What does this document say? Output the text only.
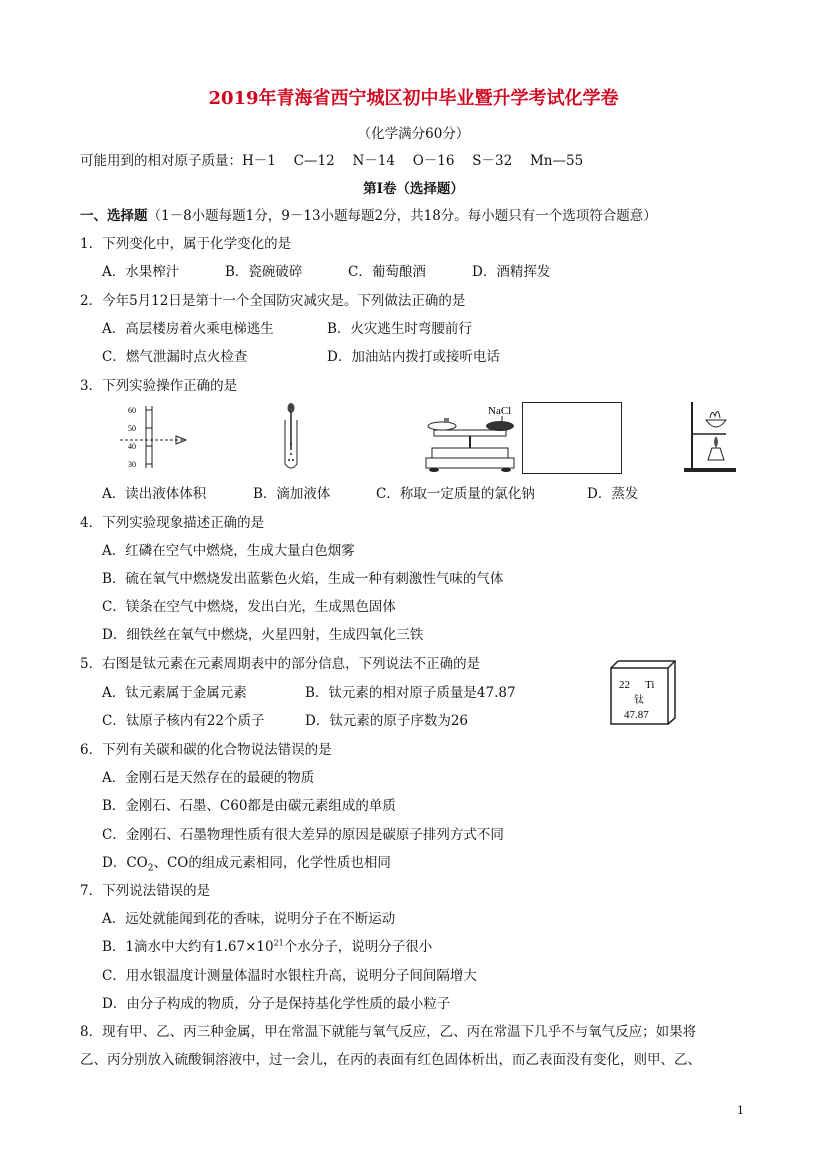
2019年青海省西宁城区初中毕业暨升学考试化学卷
（化学满分60分）
可能用到的相对原子质量：H－1　 C—12　 N－14　 O－16　 S－32　 Mn—55
第Ⅰ卷（选择题）
一、选择题（1－8小题每题1分，9－13小题每题2分，共18分。每小题只有一个选项符合题意）
1．下列变化中，属于化学变化的是
A．水果榨汁	B．瓷碗破碎	C．葡萄酿酒	D．酒精挥发
2．今年5月12日是第十一个全国防灾减灾是。下列做法正确的是
A．高层楼房着火乘电梯逃生	B．火灾逃生时弯腰前行
C．燃气泄漏时点火检查	D．加油站内拨打或接听电话
3．下列实验操作正确的是
60
50
40
30
NaCl
A．读出液体体积	B．滴加液体	C．称取一定质量的氯化钠	D．蒸发
4．下列实验现象描述正确的是
A．红磷在空气中燃烧，生成大量白色烟雾
B．硫在氧气中燃烧发出蓝紫色火焰，生成一种有刺激性气味的气体
C．镁条在空气中燃烧，发出白光，生成黑色固体
D．细铁丝在氧气中燃烧，火星四射，生成四氧化三铁
5．右图是钛元素在元素周期表中的部分信息，下列说法不正确的是
A．钛元素属于金属元素	B．钛元素的相对原子质量是47.87
C．钛原子核内有22个质子	D．钛元素的原子序数为26
22 Ti
钛
47.87
6．下列有关碳和碳的化合物说法错误的是
A．金刚石是天然存在的最硬的物质
B．金刚石、石墨、C60都是由碳元素组成的单质
C．金刚石、石墨物理性质有很大差异的原因是碳原子排列方式不同
D．$CO_2$、CO的组成元素相同，化学性质也相同
7．下列说法错误的是
A．远处就能闻到花的香味，说明分子在不断运动
B．1滴水中大约有$1.67\times 10^{21}$个水分子，说明分子很小
C．用水银温度计测量体温时水银柱升高，说明分子间间隔增大
D．由分子构成的物质，分子是保持基化学性质的最小粒子
8．现有甲、乙、丙三种金属，甲在常温下就能与氧气反应，乙、丙在常温下几乎不与氧气反应；如果将
乙、丙分别放入硫酸铜溶液中，过一会儿，在丙的表面有红色固体析出，而乙表面没有变化，则甲、乙、
1
